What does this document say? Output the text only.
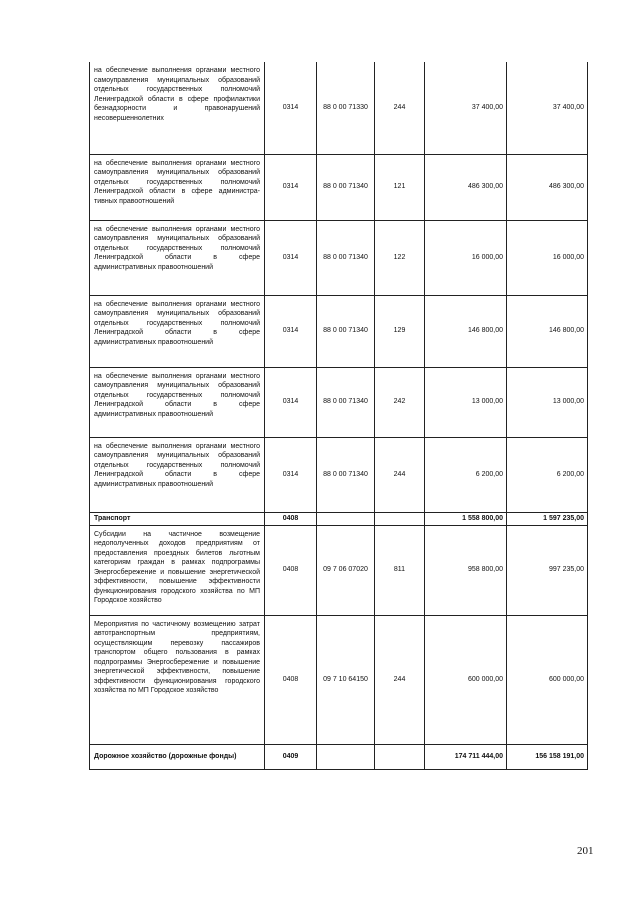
на обеспечение выполнения органами местного самоуправления муниципальных образований отдельных государственных полномочий Ленинградской области в сфере профилактики безнадзорности и правонарушений несовершеннолетних	0314	88 0 00 71330	244	37 400,00	37 400,00
на обеспечение выполнения органами местного самоуправления муниципальных образований отдельных государственных полномочий Ленинградской области в сфере административных правоотношений	0314	88 0 00 71340	121	486 300,00	486 300,00
на обеспечение выполнения органами местного самоуправления муниципальных образований отдельных государственных полномочий Ленинградской области в сфере административных правоотношений	0314	88 0 00 71340	122	16 000,00	16 000,00
на обеспечение выполнения органами местного самоуправления муниципальных образований отдельных государственных полномочий Ленинградской области в сфере административных правоотношений	0314	88 0 00 71340	129	146 800,00	146 800,00
на обеспечение выполнения органами местного самоуправления муниципальных образований отдельных государственных полномочий Ленинградской области в сфере административных правоотношений	0314	88 0 00 71340	242	13 000,00	13 000,00
на обеспечение выполнения органами местного самоуправления муниципальных образований отдельных государственных полномочий Ленинградской области в сфере административных правоотношений	0314	88 0 00 71340	244	6 200,00	6 200,00
Транспорт	0408			1 558 800,00	1 597 235,00
Субсидии на частичное возмещение недополученных доходов предприятиям от предоставления проездных билетов льготным категориям граждан в рамках подпрограммы Энергосбережение и повышение энергетической эффективности, повышение эффективности функционирования городского хозяйства по МП Городское хозяйство	0408	09 7 06 07020	811	958 800,00	997 235,00
Мероприятия по частичному возмещению затрат автотранспортным предприятиям, осуществляющим перевозку пассажиров транспортом общего пользования в рамках подпрограммы Энергосбережение и повышение энергетической эффективности, повышение эффективности функционирования городского хозяйства по МП Городское хозяйство	0408	09 7 10 64150	244	600 000,00	600 000,00
Дорожное хозяйство (дорожные фонды)	0409			174 711 444,00	156 158 191,00
201
